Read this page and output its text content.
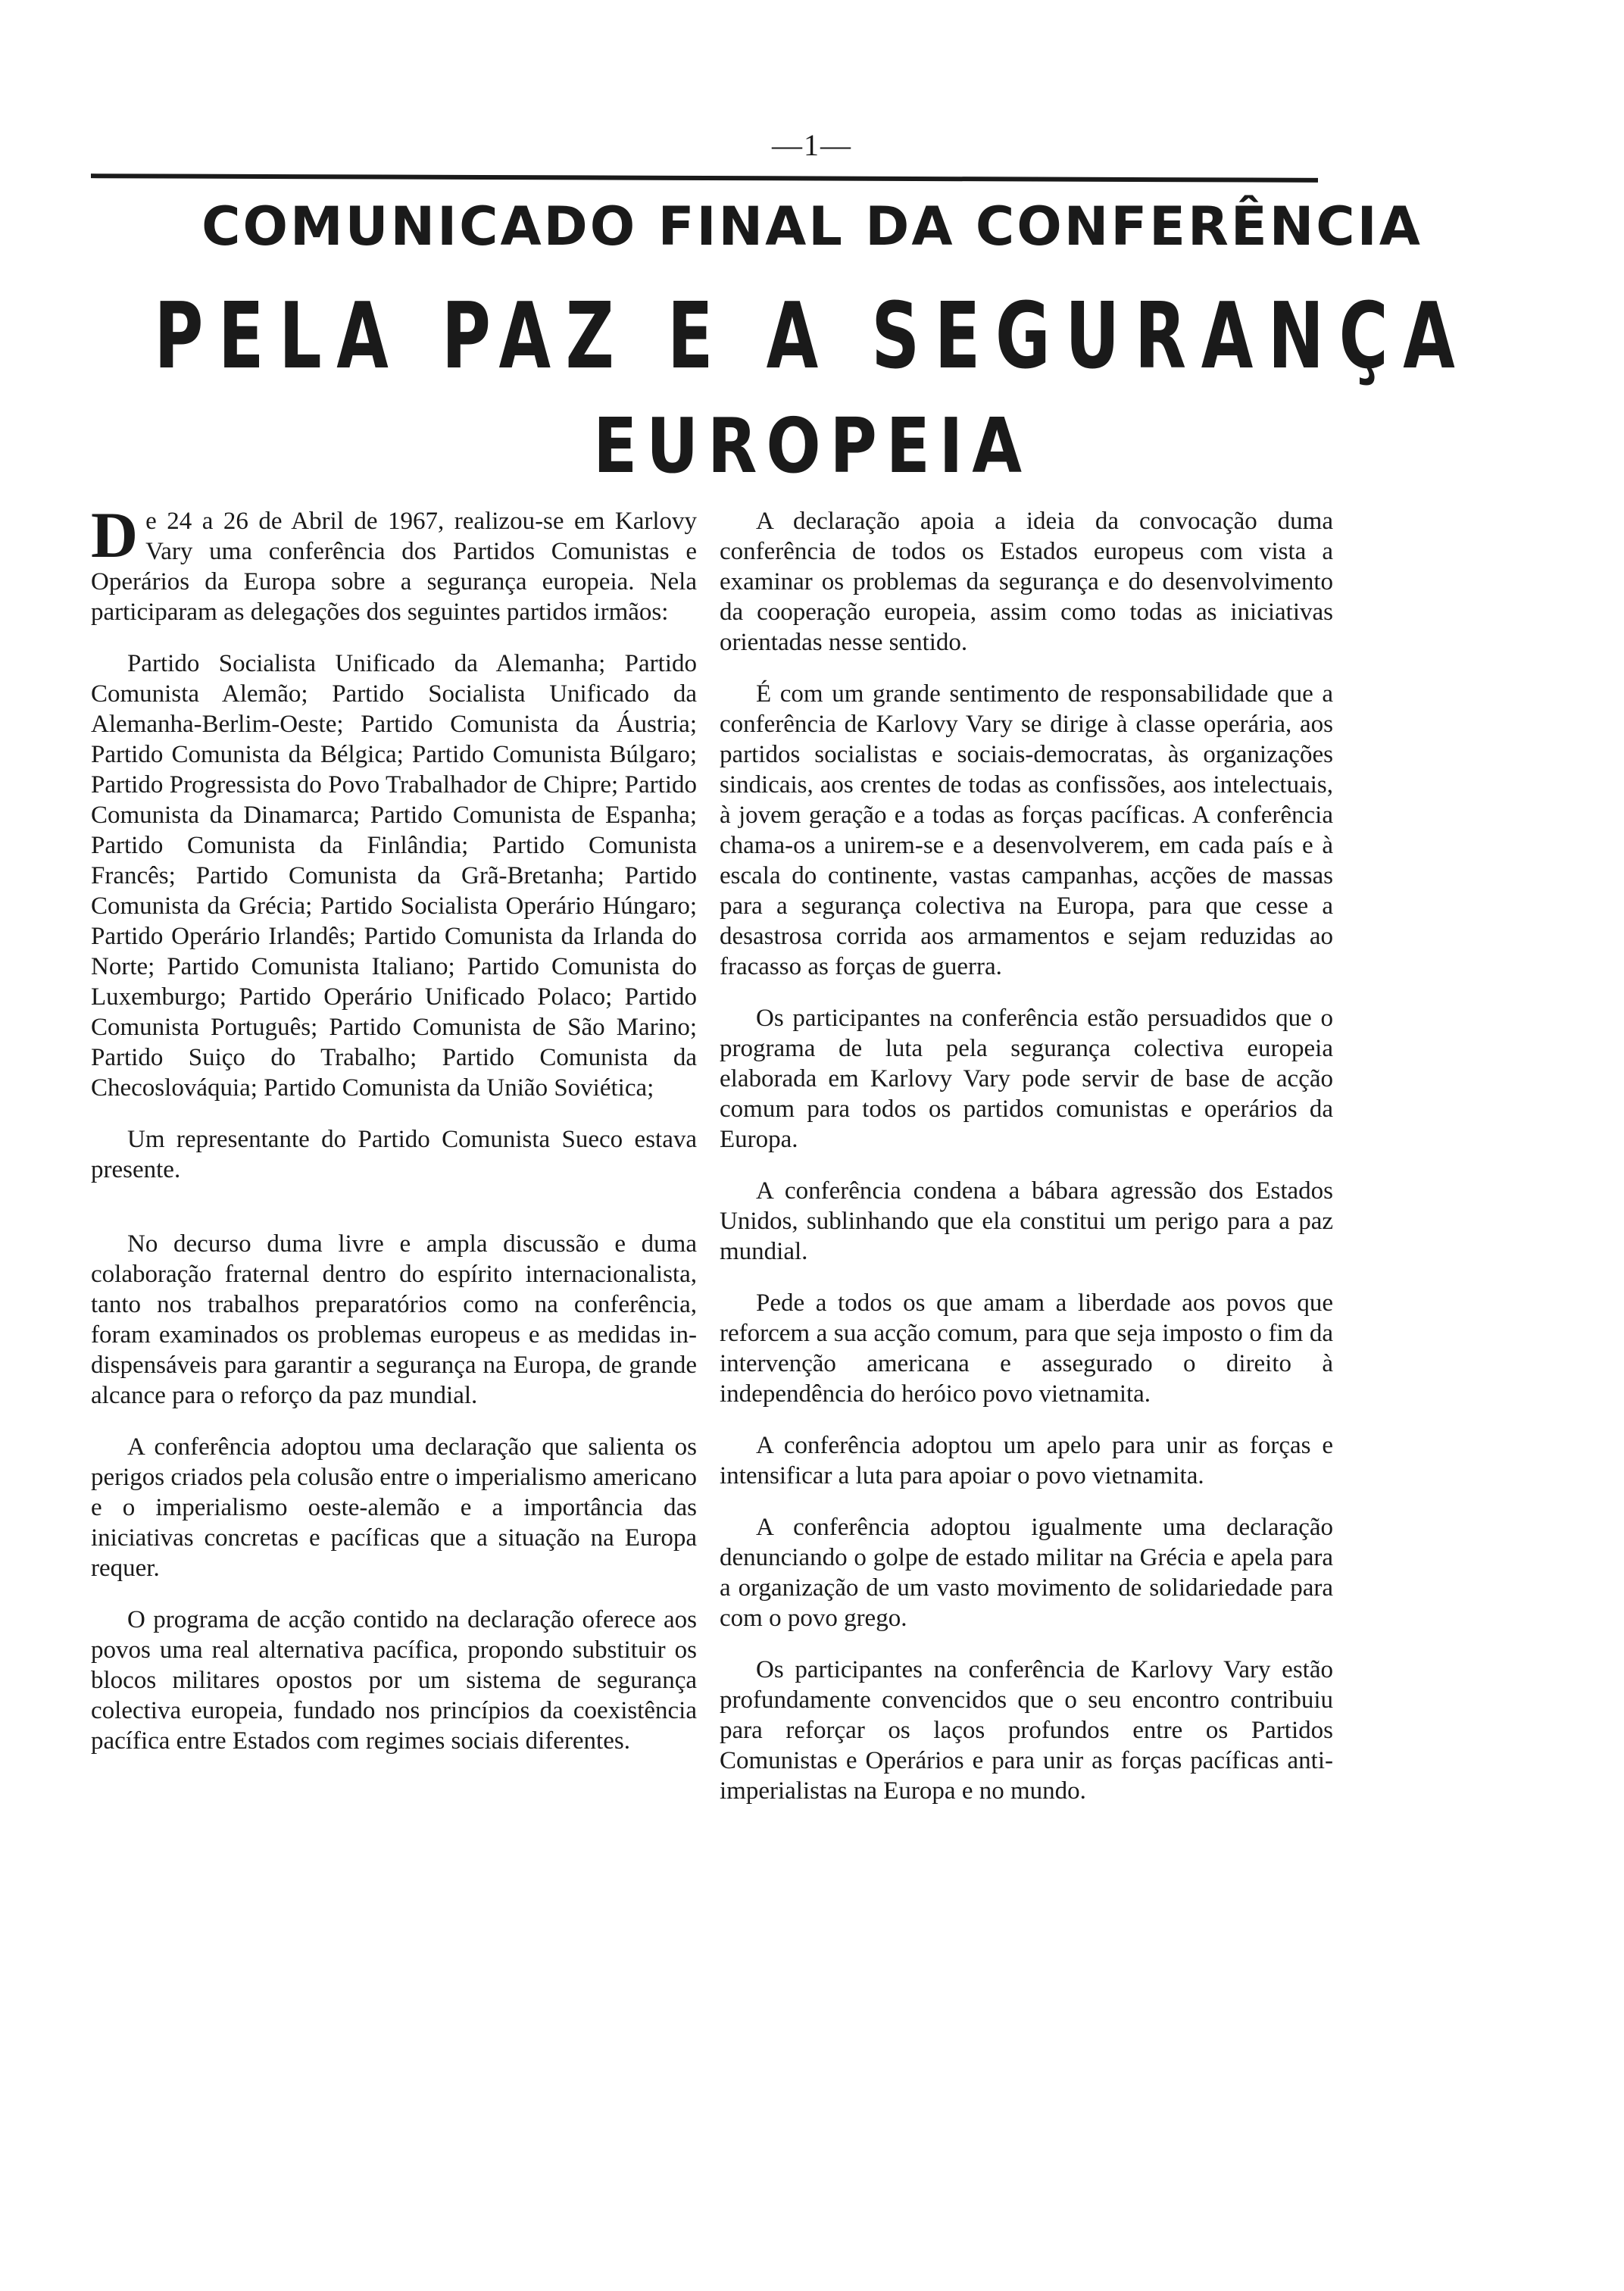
—1—
COMUNICADO FINAL DA CONFERÊNCIA
PELA PAZ E A SEGURANÇA
EUROPEIA

De 24 a 26 de Abril de 1967, realizou-se em Karlovy Vary uma conferência dos Partidos Comunistas e Operários da Europa sobre a segurança europeia. Nela participaram as delegações dos seguintes partidos irmãos:

Partido Socialista Unificado da Alemanha; Partido Comunista Alemão; Partido Socialista Unificado da Alemanha-Berlim-Oeste; Partido Comunista da Áustria; Partido Comunista da Bélgica; Partido Comunista Búlgaro; Partido Progressista do Povo Trabalhador de Chipre; Partido Comunista da Dinamarca; Partido Comunista de Espanha; Partido Comunista da Finlândia; Partido Comunista Francês; Partido Comunista da Grã-Bretanha; Partido Comunista da Grécia; Partido Socialista Operário Húngaro; Partido Operário Irlandês; Partido Comunista da Irlanda do Norte; Partido Comunista Italiano; Partido Comunista do Luxemburgo; Partido Operário Unificado Polaco; Partido Comunista Português; Partido Comunista de São Marino; Partido Suiço do Trabalho; Partido Comunista da Checoslováquia; Partido Comunista da União Soviética;

Um representante do Partido Comunista Sueco estava presente.

No decurso duma livre e ampla discussão e duma colaboração fraternal dentro do espírito internacionalista, tanto nos trabalhos preparatórios como na conferência, foram examinados os problemas europeus e as medidas indispensáveis para garantir a segurança na Europa, de grande alcance para o reforço da paz mundial.

A conferência adoptou uma declaração que salienta os perigos criados pela colusão entre o imperialismo americano e o imperialismo oeste-alemão e a importância das iniciativas concretas e pacíficas que a situação na Europa requer.

O programa de acção contido na declaração oferece aos povos uma real alternativa pacífica, propondo substituir os blocos militares opostos por um sistema de segurança colectiva europeia, fundado nos princípios da coexistência pacífica entre Estados com regimes sociais diferentes.

A declaração apoia a ideia da convocação duma conferência de todos os Estados europeus com vista a examinar os problemas da segurança e do desenvolvimento da cooperação europeia, assim como todas as iniciativas orientadas nesse sentido.

É com um grande sentimento de responsabilidade que a conferência de Karlovy Vary se dirige à classe operária, aos partidos socialistas e sociais-democratas, às organizações sindicais, aos crentes de todas as confissões, aos intelectuais, à jovem geração e a todas as forças pacíficas. A conferência chama-os a unirem-se e a desenvolverem, em cada país e à escala do continente, vastas campanhas, acções de massas para a segurança colectiva na Europa, para que cesse a desastrosa corrida aos armamentos e sejam reduzidas ao fracasso as forças de guerra.

Os participantes na conferência estão persuadidos que o programa de luta pela segurança colectiva europeia elaborada em Karlovy Vary pode servir de base de acção comum para todos os partidos comunistas e operários da Europa.

A conferência condena a bábara agressão dos Estados Unidos, sublinhando que ela constitui um perigo para a paz mundial.

Pede a todos os que amam a liberdade aos povos que reforcem a sua acção comum, para que seja imposto o fim da intervenção americana e assegurado o direito à independência do heróico povo vietnamita.

A conferência adoptou um apelo para unir as forças e intensificar a luta para apoiar o povo vietnamita.

A conferência adoptou igualmente uma declaração denunciando o golpe de estado militar na Grécia e apela para a organização de um vasto movimento de solidariedade para com o povo grego.

Os participantes na conferência de Karlovy Vary estão profundamente convencidos que o seu encontro contribuiu para reforçar os laços profundos entre os Partidos Comunistas e Operários e para unir as forças pacíficas anti-imperialistas na Europa e no mundo.
